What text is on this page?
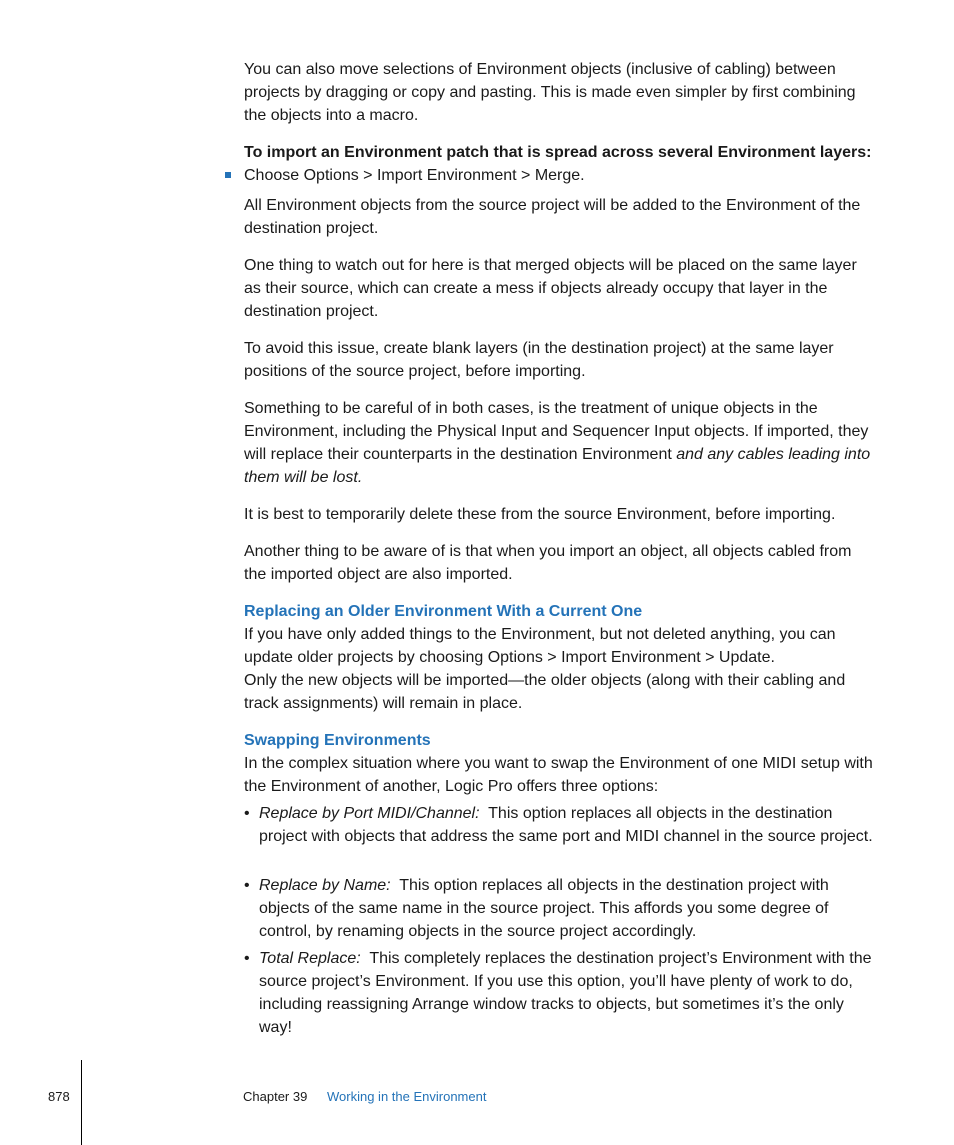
You can also move selections of Environment objects (inclusive of cabling) between projects by dragging or copy and pasting. This is made even simpler by first combining the objects into a macro.

To import an Environment patch that is spread across several Environment layers:

Choose Options > Import Environment > Merge.

All Environment objects from the source project will be added to the Environment of the destination project.

One thing to watch out for here is that merged objects will be placed on the same layer as their source, which can create a mess if objects already occupy that layer in the destination project.

To avoid this issue, create blank layers (in the destination project) at the same layer positions of the source project, before importing.

Something to be careful of in both cases, is the treatment of unique objects in the Environment, including the Physical Input and Sequencer Input objects. If imported, they will replace their counterparts in the destination Environment and any cables leading into them will be lost.

It is best to temporarily delete these from the source Environment, before importing.

Another thing to be aware of is that when you import an object, all objects cabled from the imported object are also imported.

Replacing an Older Environment With a Current One

If you have only added things to the Environment, but not deleted anything, you can update older projects by choosing Options > Import Environment > Update.

Only the new objects will be imported—the older objects (along with their cabling and track assignments) will remain in place.

Swapping Environments

In the complex situation where you want to swap the Environment of one MIDI setup with the Environment of another, Logic Pro offers three options:

• Replace by Port MIDI/Channel: This option replaces all objects in the destination project with objects that address the same port and MIDI channel in the source project.

• Replace by Name: This option replaces all objects in the destination project with objects of the same name in the source project. This affords you some degree of control, by renaming objects in the source project accordingly.

• Total Replace: This completely replaces the destination project’s Environment with the source project’s Environment. If you use this option, you’ll have plenty of work to do, including reassigning Arrange window tracks to objects, but sometimes it’s the only way!

878	Chapter 39 Working in the Environment
